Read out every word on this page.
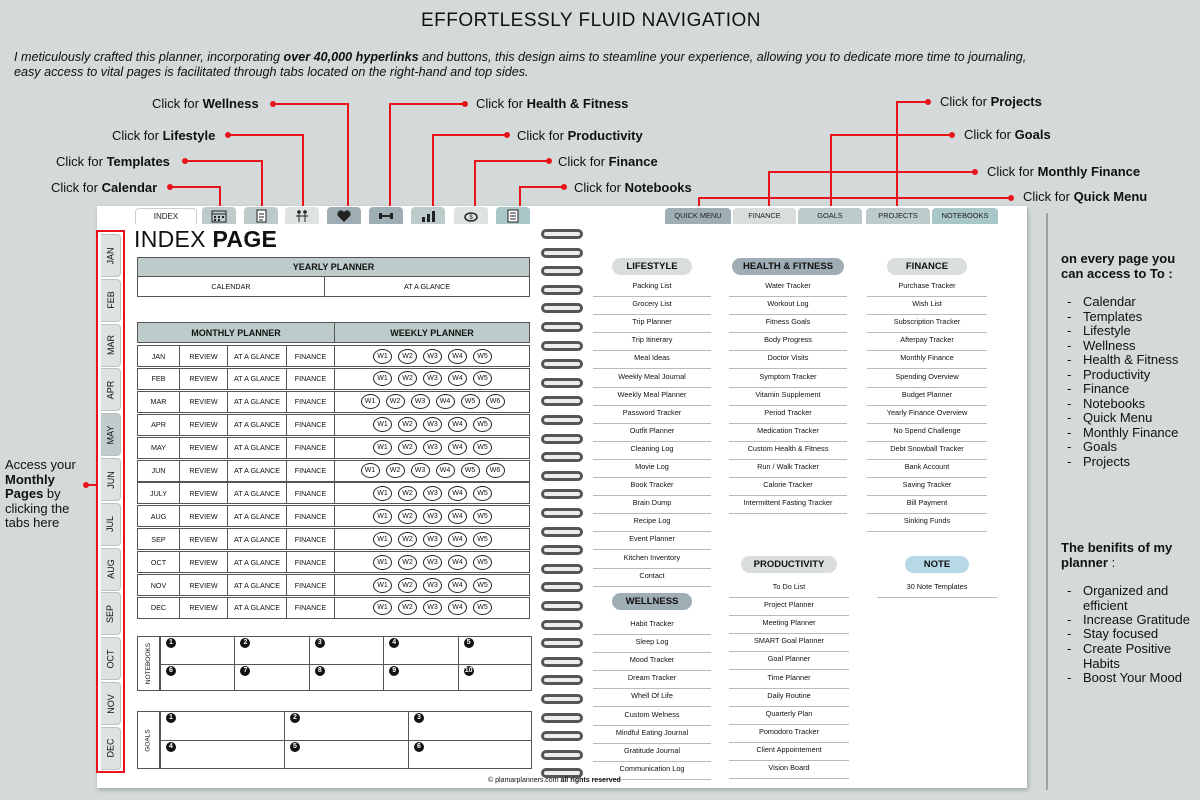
EFFORTLESSLY FLUID NAVIGATION
I meticulously crafted this planner, incorporating over 40,000 hyperlinks and buttons, this design aims to steamline your experience, allowing you to dedicate more time to journaling,
easy access to vital pages is facilitated through tabs located on the right-hand and top sides.
Click for Wellness
Click for Lifestyle
Click for Templates
Click for Calendar
Click for Health & Fitness
Click for Productivity
Click for Finance
Click for Notebooks
Click for Projects
Click for Goals
Click for Monthly Finance
Click for Quick Menu
INDEX	$	QUICK MENU	FINANCE	GOALS	PROJECTS	NOTEBOOKS
JAN
FEB
MAR
APR
MAY
JUN
JUL
AUG
SEP
OCT
NOV
DEC
Access your
Monthly
Pages by
clicking the
tabs here
INDEX PAGE
YEARLY PLANNER
CALENDAR	AT A GLANCE
MONTHLY PLANNER	WEEKLY PLANNER
JAN	REVIEW	AT A GLANCE	FINANCE	W1	W2	W3	W4	W5
FEB	REVIEW	AT A GLANCE	FINANCE	W1	W2	W3	W4	W5
MAR	REVIEW	AT A GLANCE	FINANCE	W1	W2	W3	W4	W5	W6
APR	REVIEW	AT A GLANCE	FINANCE	W1	W2	W3	W4	W5
MAY	REVIEW	AT A GLANCE	FINANCE	W1	W2	W3	W4	W5
JUN	REVIEW	AT A GLANCE	FINANCE	W1	W2	W3	W4	W5	W6
JULY	REVIEW	AT A GLANCE	FINANCE	W1	W2	W3	W4	W5
AUG	REVIEW	AT A GLANCE	FINANCE	W1	W2	W3	W4	W5
SEP	REVIEW	AT A GLANCE	FINANCE	W1	W2	W3	W4	W5
OCT	REVIEW	AT A GLANCE	FINANCE	W1	W2	W3	W4	W5
NOV	REVIEW	AT A GLANCE	FINANCE	W1	W2	W3	W4	W5
DEC	REVIEW	AT A GLANCE	FINANCE	W1	W2	W3	W4	W5
NOTEBOOKS
1	2	3	4	5
6	7	8	9	10
GOALS
1	2	3
4	5	6
LIFESTYLE
Packing List
Grocery List
Trip Planner
Trip Itinerary
Meal Ideas
Weekly Meal Journal
Weekly Meal Planner
Password Tracker
Outfit Planner
Cleaning Log
Movie Log
Book Tracker
Brain Dump
Recipe Log
Event Planner
Kitchen Inventory
Contact
HEALTH & FITNESS
Water Tracker
Workout Log
Fitness Goals
Body Progress
Doctor Visits
Symptom Tracker
Vitamin Supplement
Period Tracker
Medication Tracker
Custom Health & Fitness
Run / Walk Tracker
Calorie Tracker
Intermittent Fasting Tracker
FINANCE
Purchase Tracker
Wish List
Subscription Tracker
Afterpay Tracker
Monthly Finance
Spending Overview
Budget Planner
Yearly Finance Overview
No Spend Challenge
Debt Snowball Tracker
Bank Account
Saving Tracker
Bill Payment
Sinking Funds
WELLNESS
Habit Tracker
Sleep Log
Mood Tracker
Dream Tracker
Whell Of Life
Custom Welness
Mindful Eating Journal
Gratitude Journal
Communication Log
PRODUCTIVITY
To Do List
Project Planner
Meeting Planner
SMART Goal Planner
Goal Planner
Time Planner
Daily Routine
Quarterly Plan
Pomodoro Tracker
Client Appointement
Vision Board
NOTE
30 Note Templates
© plamarplanners.com all rights reserved
on every page you can access to To :
- Calendar
- Templates
- Lifestyle
- Wellness
- Health & Fitness
- Productivity
- Finance
- Notebooks
- Quick Menu
- Monthly Finance
- Goals
- Projects
The benifits of my planner :
- Organized and efficient
- Increase Gratitude
- Stay focused
- Create Positive Habits
- Boost Your Mood
